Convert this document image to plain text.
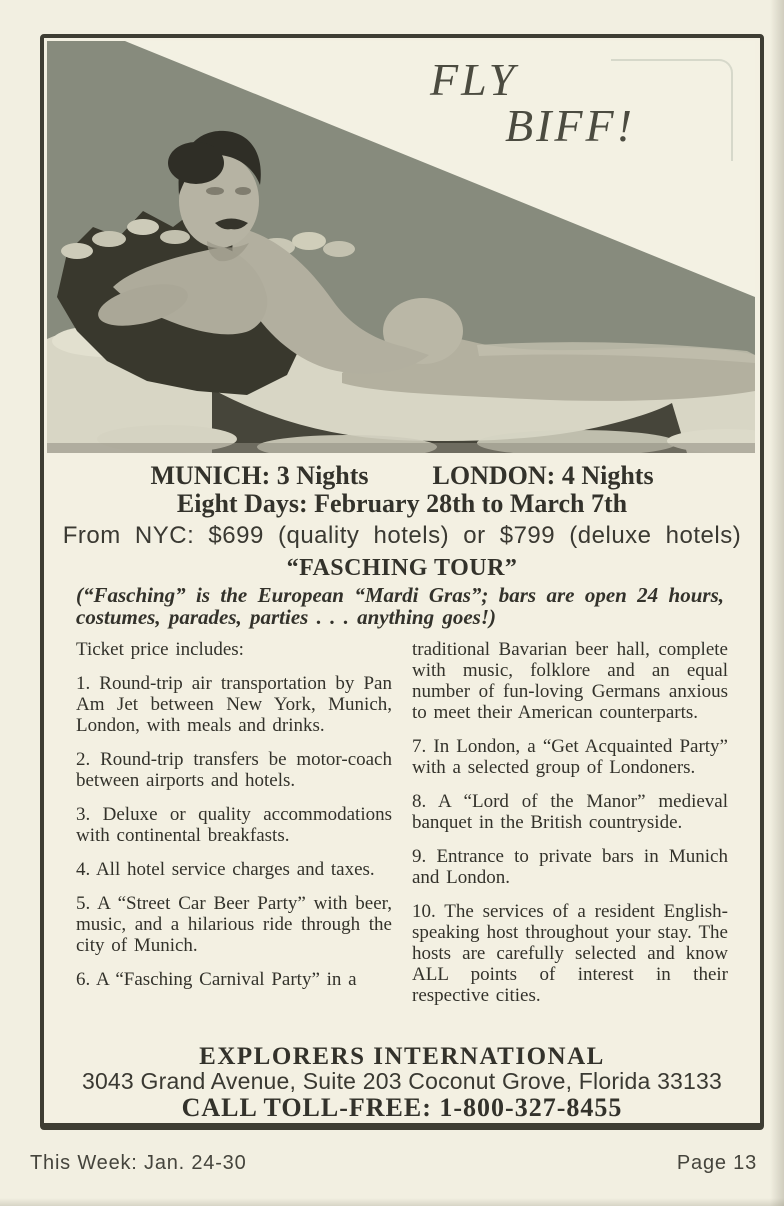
FLY
BIFF!
MUNICH: 3 Nights LONDON: 4 Nights
Eight Days: February 28th to March 7th
From NYC: $699 (quality hotels) or $799 (deluxe hotels)
“FASCHING TOUR”

(“Fasching” is the European “Mardi Gras”; bars are open 24 hours, costumes, parades, parties . . . anything goes!)

Ticket price includes:

1. Round-trip air transportation by Pan Am Jet between New York, Munich, London, with meals and drinks.

2. Round-trip transfers be motor-coach between airports and hotels.

3. Deluxe or quality accommodations with continental breakfasts.

4. All hotel service charges and taxes.

5. A “Street Car Beer Party” with beer, music, and a hilarious ride through the city of Munich.

6. A “Fasching Carnival Party” in a

traditional Bavarian beer hall, complete with music, folklore and an equal number of fun-loving Germans anxious to meet their American counterparts.

7. In London, a “Get Acquainted Party” with a selected group of Londoners.

8. A “Lord of the Manor” medieval banquet in the British countryside.

9. Entrance to private bars in Munich and London.

10. The services of a resident English-speaking host throughout your stay. The hosts are carefully selected and know ALL points of interest in their respective cities.

EXPLORERS INTERNATIONAL
3043 Grand Avenue, Suite 203 Coconut Grove, Florida 33133
CALL TOLL-FREE: 1-800-327-8455
This Week: Jan. 24-30	Page 13
